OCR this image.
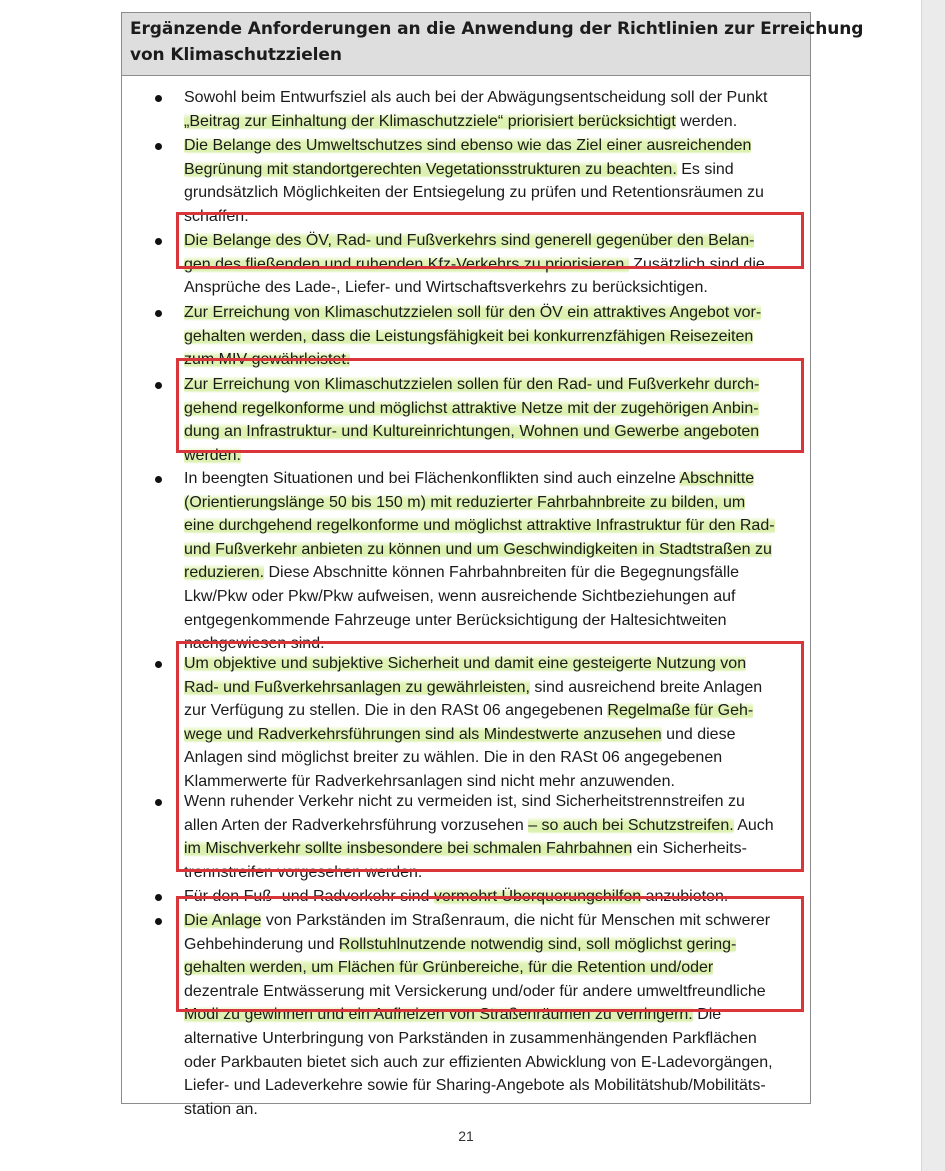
Ergänzende Anforderungen an die Anwendung der Richtlinien zur Erreichung
von Klimaschutzzielen

Sowohl beim Entwurfsziel als auch bei der Abwägungsentscheidung soll der Punkt
„Beitrag zur Einhaltung der Klimaschutzziele“ priorisiert berücksichtigt werden.

Die Belange des Umweltschutzes sind ebenso wie das Ziel einer ausreichenden
Begrünung mit standortgerechten Vegetationsstrukturen zu beachten. Es sind
grundsätzlich Möglichkeiten der Entsiegelung zu prüfen und Retentionsräumen zu
schaffen.

Die Belange des ÖV, Rad- und Fußverkehrs sind generell gegenüber den Belan-
gen des fließenden und ruhenden Kfz-Verkehrs zu priorisieren. Zusätzlich sind die
Ansprüche des Lade-, Liefer- und Wirtschaftsverkehrs zu berücksichtigen.

Zur Erreichung von Klimaschutzzielen soll für den ÖV ein attraktives Angebot vor-
gehalten werden, dass die Leistungsfähigkeit bei konkurrenzfähigen Reisezeiten
zum MIV gewährleistet.

Zur Erreichung von Klimaschutzzielen sollen für den Rad- und Fußverkehr durch-
gehend regelkonforme und möglichst attraktive Netze mit der zugehörigen Anbin-
dung an Infrastruktur- und Kultureinrichtungen, Wohnen und Gewerbe angeboten
werden.

In beengten Situationen und bei Flächenkonflikten sind auch einzelne Abschnitte
(Orientierungslänge 50 bis 150 m) mit reduzierter Fahrbahnbreite zu bilden, um
eine durchgehend regelkonforme und möglichst attraktive Infrastruktur für den Rad-
und Fußverkehr anbieten zu können und um Geschwindigkeiten in Stadtstraßen zu
reduzieren. Diese Abschnitte können Fahrbahnbreiten für die Begegnungsfälle
Lkw/Pkw oder Pkw/Pkw aufweisen, wenn ausreichende Sichtbeziehungen auf
entgegenkommende Fahrzeuge unter Berücksichtigung der Haltesichtweiten
nachgewiesen sind.

Um objektive und subjektive Sicherheit und damit eine gesteigerte Nutzung von
Rad- und Fußverkehrsanlagen zu gewährleisten, sind ausreichend breite Anlagen
zur Verfügung zu stellen. Die in den RASt 06 angegebenen Regelmaße für Geh-
wege und Radverkehrsführungen sind als Mindestwerte anzusehen und diese
Anlagen sind möglichst breiter zu wählen. Die in den RASt 06 angegebenen
Klammerwerte für Radverkehrsanlagen sind nicht mehr anzuwenden.

Wenn ruhender Verkehr nicht zu vermeiden ist, sind Sicherheitstrennstreifen zu
allen Arten der Radverkehrsführung vorzusehen – so auch bei Schutzstreifen. Auch
im Mischverkehr sollte insbesondere bei schmalen Fahrbahnen ein Sicherheits-
trennstreifen vorgesehen werden.

Für den Fuß- und Radverkehr sind vermehrt Überquerungshilfen anzubieten.

Die Anlage von Parkständen im Straßenraum, die nicht für Menschen mit schwerer
Gehbehinderung und Rollstuhlnutzende notwendig sind, soll möglichst gering-
gehalten werden, um Flächen für Grünbereiche, für die Retention und/oder
dezentrale Entwässerung mit Versickerung und/oder für andere umweltfreundliche
Modi zu gewinnen und ein Aufheizen von Straßenräumen zu verringern. Die
alternative Unterbringung von Parkständen in zusammenhängenden Parkflächen
oder Parkbauten bietet sich auch zur effizienten Abwicklung von E-Ladevorgängen,
Liefer- und Ladeverkehre sowie für Sharing-Angebote als Mobilitätshub/Mobilitäts-
station an.

21
